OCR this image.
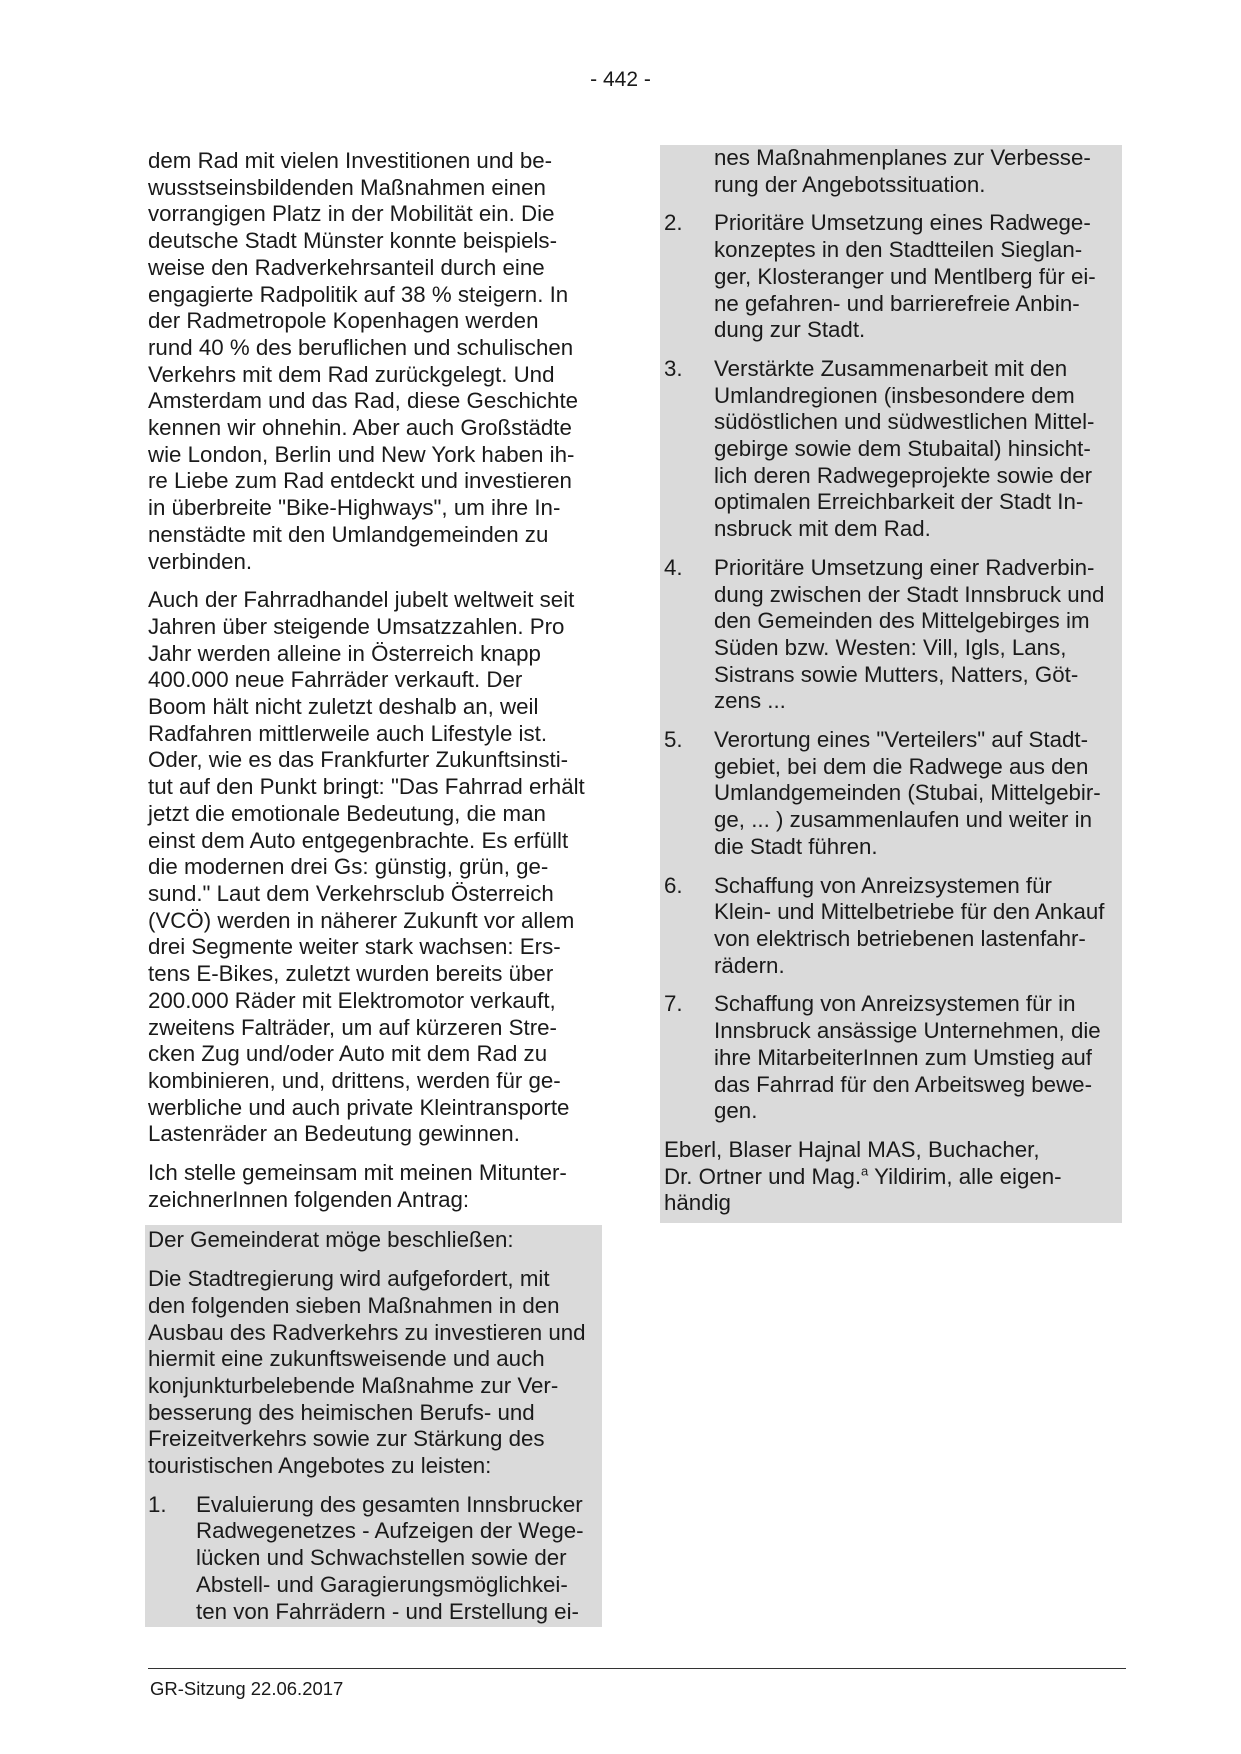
- 442 -
dem Rad mit vielen Investitionen und be-
wusstseinsbildenden Maßnahmen einen
vorrangigen Platz in der Mobilität ein. Die
deutsche Stadt Münster konnte beispiels-
weise den Radverkehrsanteil durch eine
engagierte Radpolitik auf 38 % steigern. In
der Radmetropole Kopenhagen werden
rund 40 % des beruflichen und schulischen
Verkehrs mit dem Rad zurückgelegt. Und
Amsterdam und das Rad, diese Geschichte
kennen wir ohnehin. Aber auch Großstädte
wie London, Berlin und New York haben ih-
re Liebe zum Rad entdeckt und investieren
in überbreite "Bike-Highways", um ihre In-
nenstädte mit den Umlandgemeinden zu
verbinden.
Auch der Fahrradhandel jubelt weltweit seit
Jahren über steigende Umsatzzahlen. Pro
Jahr werden alleine in Österreich knapp
400.000 neue Fahrräder verkauft. Der
Boom hält nicht zuletzt deshalb an, weil
Radfahren mittlerweile auch Lifestyle ist.
Oder, wie es das Frankfurter Zukunftsinsti-
tut auf den Punkt bringt: "Das Fahrrad erhält
jetzt die emotionale Bedeutung, die man
einst dem Auto entgegenbrachte. Es erfüllt
die modernen drei Gs: günstig, grün, ge-
sund." Laut dem Verkehrsclub Österreich
(VCÖ) werden in näherer Zukunft vor allem
drei Segmente weiter stark wachsen: Ers-
tens E-Bikes, zuletzt wurden bereits über
200.000 Räder mit Elektromotor verkauft,
zweitens Falträder, um auf kürzeren Stre-
cken Zug und/oder Auto mit dem Rad zu
kombinieren, und, drittens, werden für ge-
werbliche und auch private Kleintransporte
Lastenräder an Bedeutung gewinnen.
Ich stelle gemeinsam mit meinen Mitunter-
zeichnerInnen folgenden Antrag:
Der Gemeinderat möge beschließen:
Die Stadtregierung wird aufgefordert, mit
den folgenden sieben Maßnahmen in den
Ausbau des Radverkehrs zu investieren und
hiermit eine zukunftsweisende und auch
konjunkturbelebende Maßnahme zur Ver-
besserung des heimischen Berufs- und
Freizeitverkehrs sowie zur Stärkung des
touristischen Angebotes zu leisten:
1. Evaluierung des gesamten Innsbrucker
Radwegenetzes - Aufzeigen der Wege-
lücken und Schwachstellen sowie der
Abstell- und Garagierungsmöglichkei-
ten von Fahrrädern - und Erstellung ei-
nes Maßnahmenplanes zur Verbesse-
rung der Angebotssituation.
2. Prioritäre Umsetzung eines Radwege-
konzeptes in den Stadtteilen Sieglan-
ger, Klosteranger und Mentlberg für ei-
ne gefahren- und barrierefreie Anbin-
dung zur Stadt.
3. Verstärkte Zusammenarbeit mit den
Umlandregionen (insbesondere dem
südöstlichen und südwestlichen Mittel-
gebirge sowie dem Stubaital) hinsicht-
lich deren Radwegeprojekte sowie der
optimalen Erreichbarkeit der Stadt In-
nsbruck mit dem Rad.
4. Prioritäre Umsetzung einer Radverbin-
dung zwischen der Stadt Innsbruck und
den Gemeinden des Mittelgebirges im
Süden bzw. Westen: Vill, Igls, Lans,
Sistrans sowie Mutters, Natters, Göt-
zens ...
5. Verortung eines "Verteilers" auf Stadt-
gebiet, bei dem die Radwege aus den
Umlandgemeinden (Stubai, Mittelgebir-
ge, ... ) zusammenlaufen und weiter in
die Stadt führen.
6. Schaffung von Anreizsystemen für
Klein- und Mittelbetriebe für den Ankauf
von elektrisch betriebenen lastenfahr-
rädern.
7. Schaffung von Anreizsystemen für in
Innsbruck ansässige Unternehmen, die
ihre MitarbeiterInnen zum Umstieg auf
das Fahrrad für den Arbeitsweg bewe-
gen.
Eberl, Blaser Hajnal MAS, Buchacher,
Dr. Ortner und Mag.$^a$ Yildirim, alle eigen-
händig
GR-Sitzung 22.06.2017
